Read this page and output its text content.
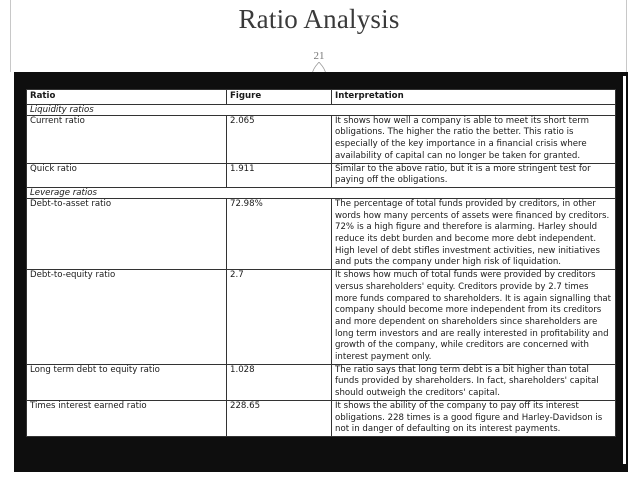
Ratio Analysis
21
Ratio	Figure	Interpretation
Liquidity ratios		
Current ratio	2.065	It shows how well a company is able to meet its short term obligations. The higher the ratio the better. This ratio is especially of the key importance in a financial crisis where availability of capital can no longer be taken for granted.
Quick ratio	1.911	Similar to the above ratio, but it is a more stringent test for paying off the obligations.
Leverage ratios		
Debt-to-asset ratio	72.98%	The percentage of total funds provided by creditors, in other words how many percents of assets were financed by creditors. 72% is a high figure and therefore is alarming. Harley should reduce its debt burden and become more debt independent. High level of debt stifles investment activities, new initiatives and puts the company under high risk of liquidation.
Debt-to-equity ratio	2.7	It shows how much of total funds were provided by creditors versus shareholders' equity. Creditors provide by 2.7 times more funds compared to shareholders. It is again signalling that company should become more independent from its creditors and more dependent on shareholders since shareholders are long term investors and are really interested in profitability and growth of the company, while creditors are concerned with interest payment only.
Long term debt to equity ratio	1.028	The ratio says that long term debt is a bit higher than total funds provided by shareholders. In fact, shareholders' capital should outweigh the creditors' capital.
Times interest earned ratio	228.65	It shows the ability of the company to pay off its interest obligations. 228 times is a good figure and Harley-Davidson is not in danger of defaulting on its interest payments.
